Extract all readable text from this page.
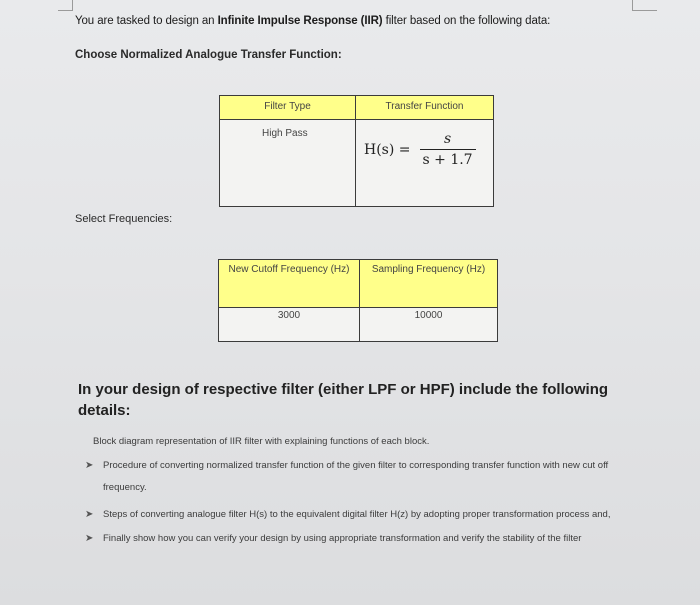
You are tasked to design an Infinite Impulse Response (IIR) filter based on the following data:
Choose Normalized Analogue Transfer Function:
Filter Type	Transfer Function

High Pass	$H(s) = \frac{s}{s + 1.7}$
Select Frequencies:
New Cutoff Frequency (Hz)	Sampling Frequency (Hz)
3000	10000
In your design of respective filter (either LPF or HPF) include the following details:
Block diagram representation of IIR filter with explaining functions of each block.
➤ Procedure of converting normalized transfer function of the given filter to corresponding transfer function with new cut off frequency.
➤ Steps of converting analogue filter H(s) to the equivalent digital filter H(z) by adopting proper transformation process and,
➤ Finally show how you can verify your design by using appropriate transformation and verify the stability of the filter
